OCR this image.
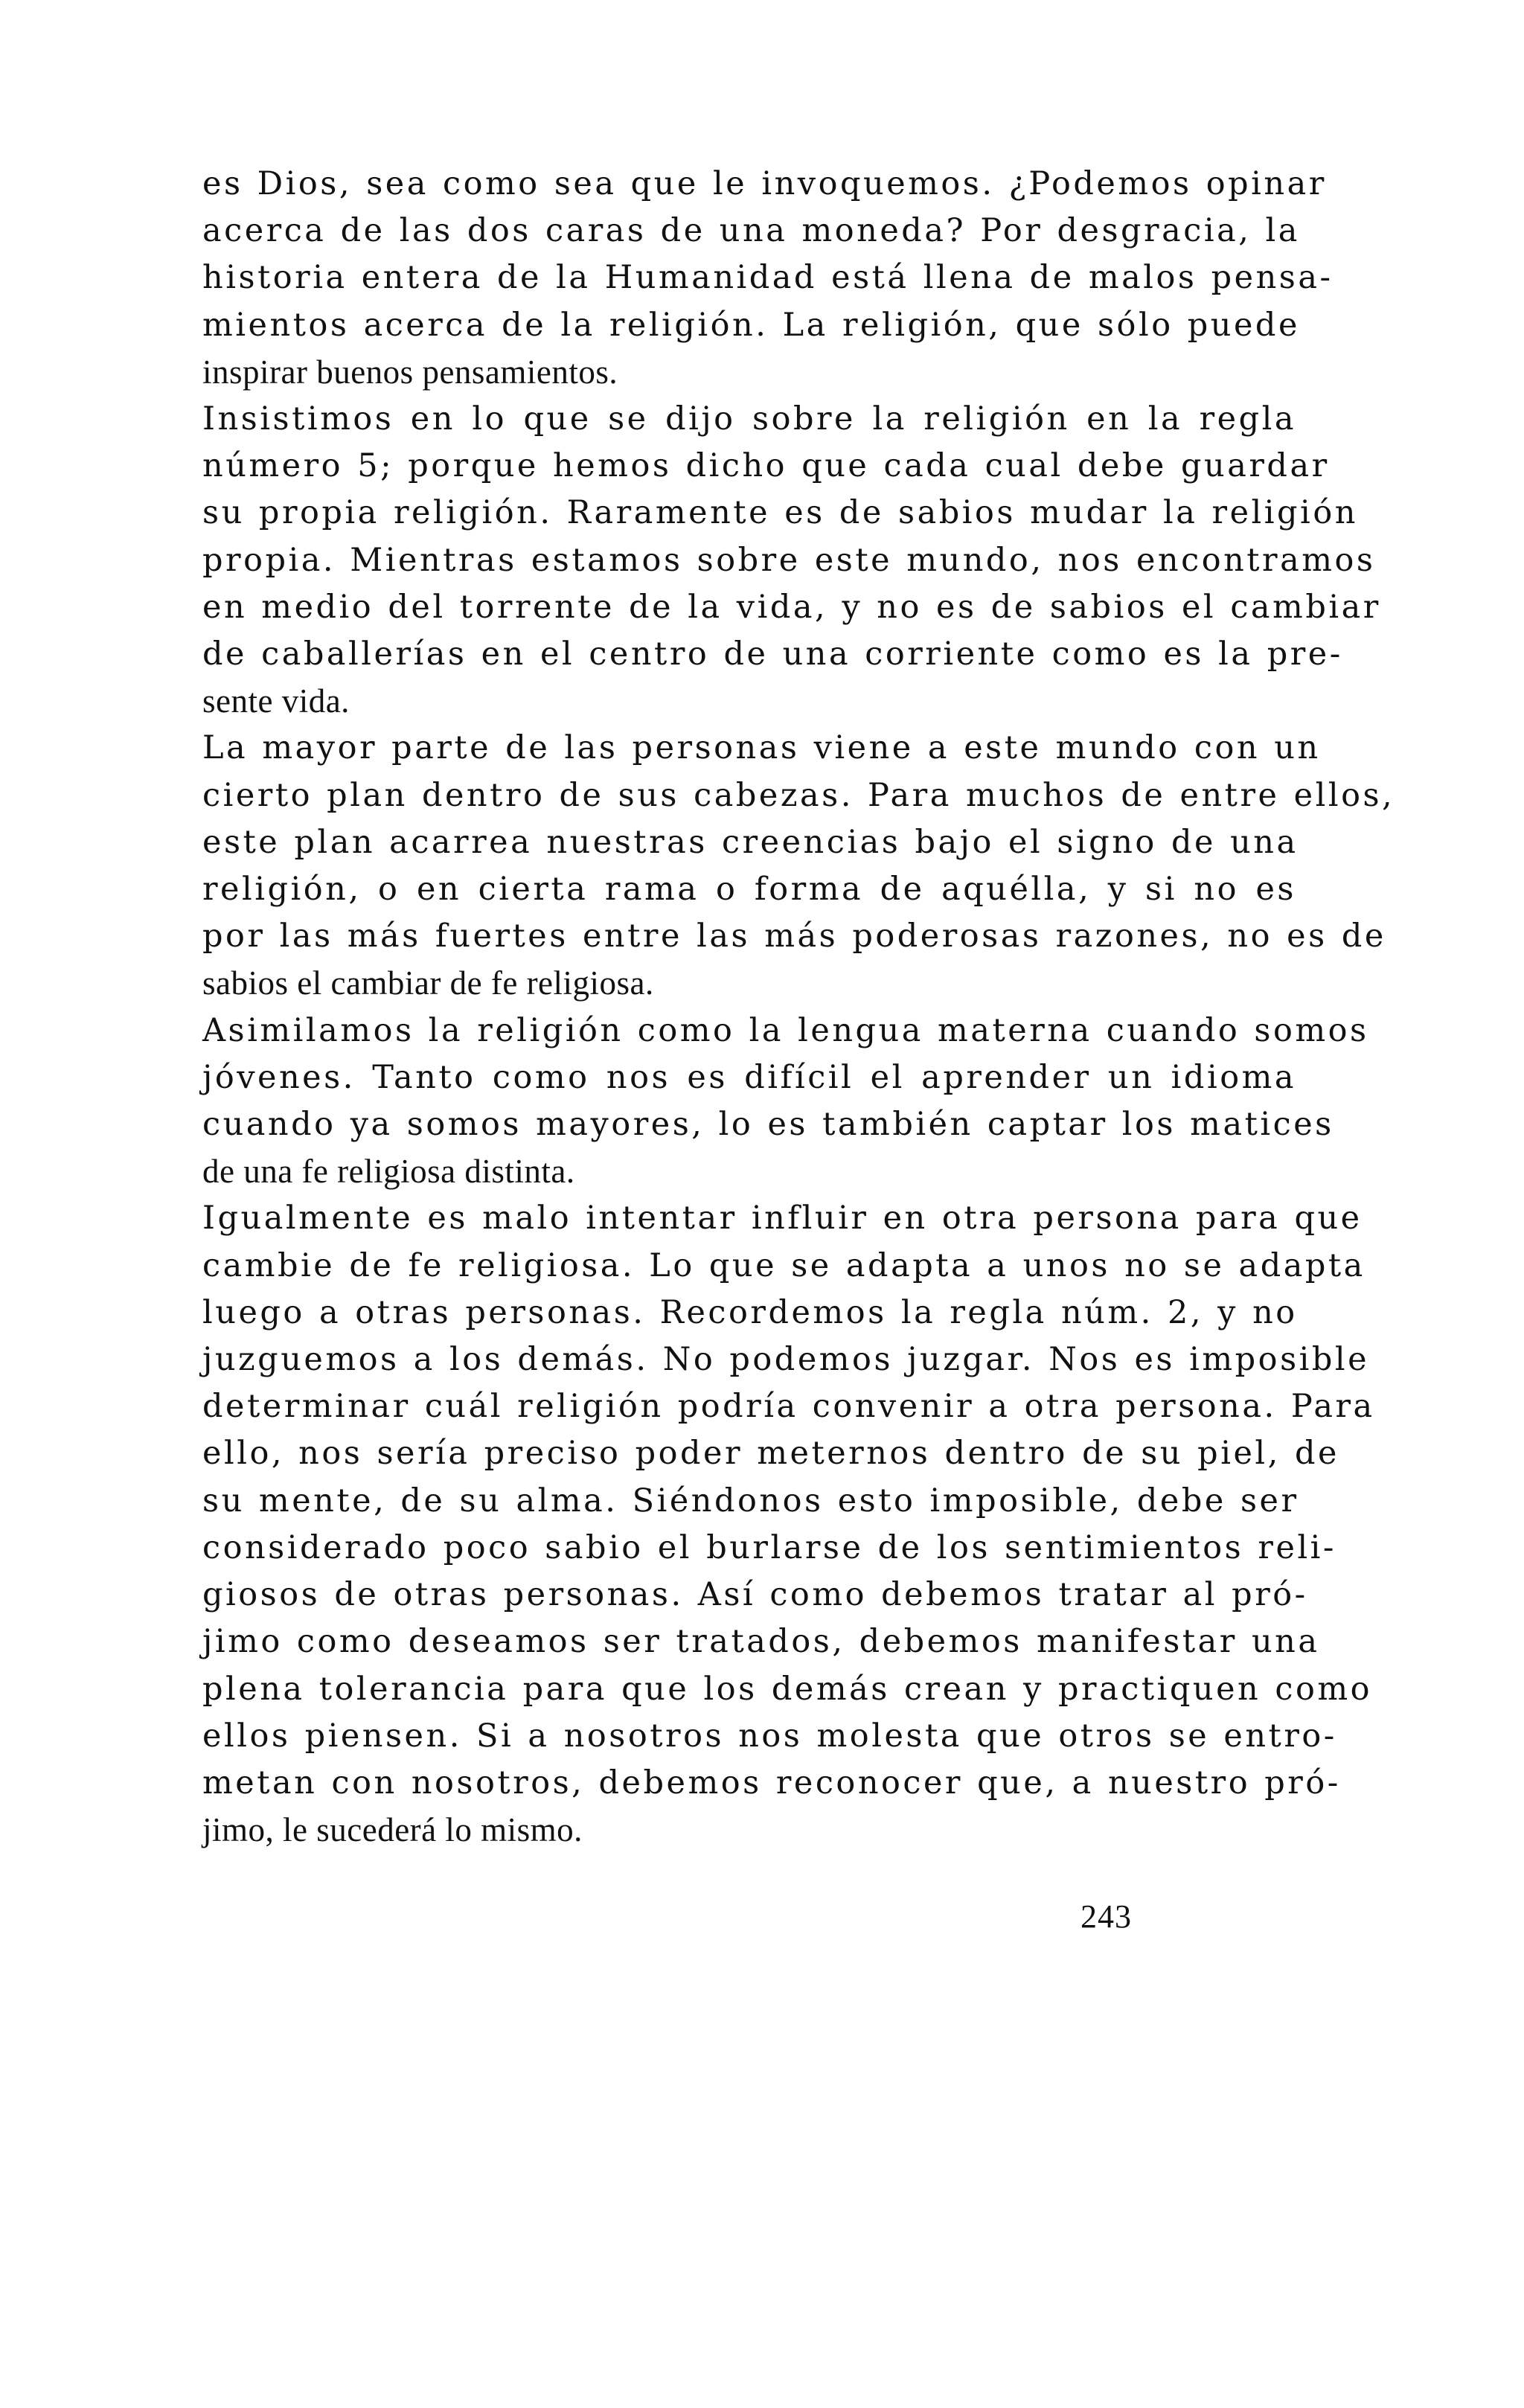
es Dios, sea como sea que le invoquemos. ¿Podemos opinar
acerca de las dos caras de una moneda? Por desgracia, la
historia entera de la Humanidad está llena de malos pensa-
mientos acerca de la religión. La religión, que sólo puede
inspirar buenos pensamientos.

Insistimos en lo que se dijo sobre la religión en la regla
número 5; porque hemos dicho que cada cual debe guardar
su propia religión. Raramente es de sabios mudar la religión
propia. Mientras estamos sobre este mundo, nos encontramos
en medio del torrente de la vida, y no es de sabios el cambiar
de caballerías en el centro de una corriente como es la pre-
sente vida.

La mayor parte de las personas viene a este mundo con un
cierto plan dentro de sus cabezas. Para muchos de entre ellos,
este plan acarrea nuestras creencias bajo el signo de una
religión, o en cierta rama o forma de aquélla, y si no es
por las más fuertes entre las más poderosas razones, no es de
sabios el cambiar de fe religiosa.

Asimilamos la religión como la lengua materna cuando somos
jóvenes. Tanto como nos es difícil el aprender un idioma
cuando ya somos mayores, lo es también captar los matices
de una fe religiosa distinta.

Igualmente es malo intentar influir en otra persona para que
cambie de fe religiosa. Lo que se adapta a unos no se adapta
luego a otras personas. Recordemos la regla núm. 2, y no
juzguemos a los demás. No podemos juzgar. Nos es imposible
determinar cuál religión podría convenir a otra persona. Para
ello, nos sería preciso poder meternos dentro de su piel, de
su mente, de su alma. Siéndonos esto imposible, debe ser
considerado poco sabio el burlarse de los sentimientos reli-
giosos de otras personas. Así como debemos tratar al pró-
jimo como deseamos ser tratados, debemos manifestar una
plena tolerancia para que los demás crean y practiquen como
ellos piensen. Si a nosotros nos molesta que otros se entro-
metan con nosotros, debemos reconocer que, a nuestro pró-
jimo, le sucederá lo mismo.

243
